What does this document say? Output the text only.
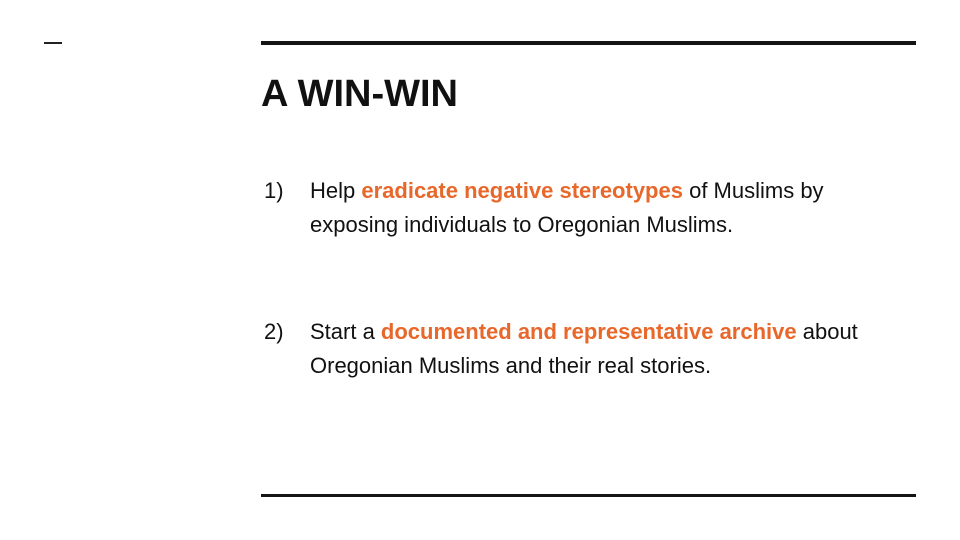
A WIN-WIN
1)	Help eradicate negative stereotypes of Muslims by exposing individuals to Oregonian Muslims.
2)	Start a documented and representative archive about Oregonian Muslims and their real stories.
